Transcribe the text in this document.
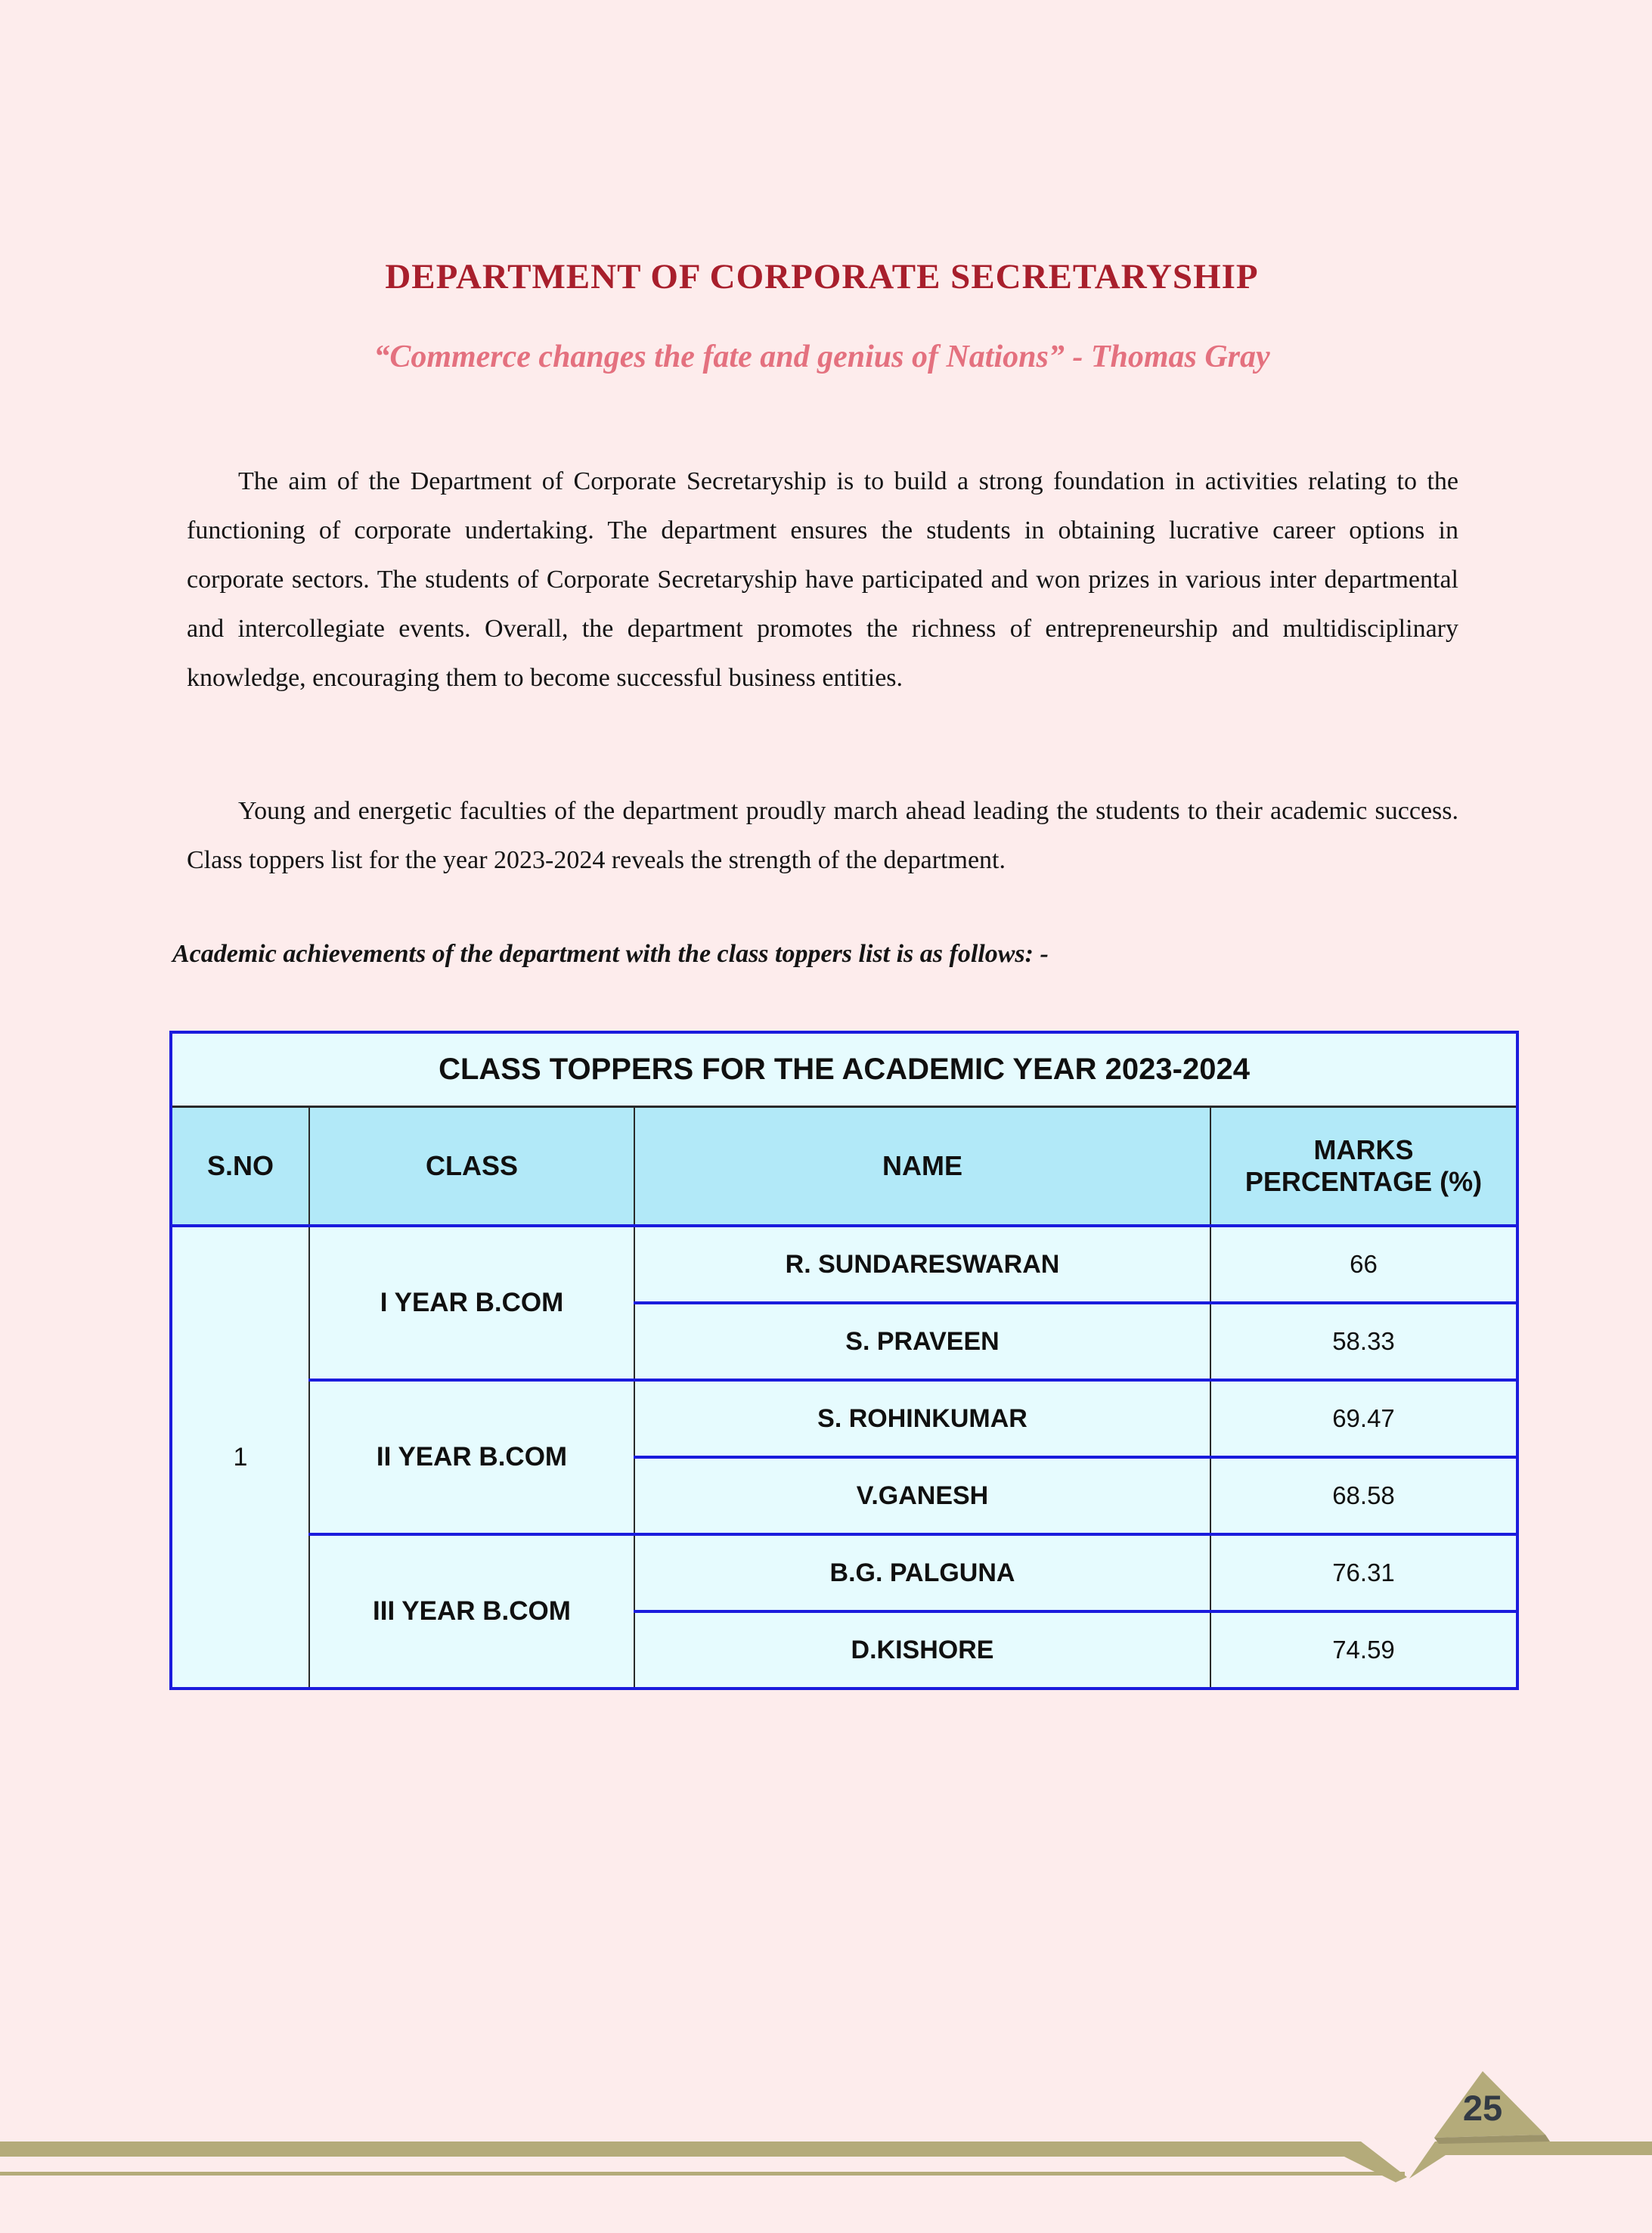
DEPARTMENT OF CORPORATE SECRETARYSHIP
“Commerce changes the fate and genius of Nations” - Thomas Gray

The aim of the Department of Corporate Secretaryship is to build a strong foundation in activities relating to the functioning of corporate undertaking. The department ensures the students in obtaining lucrative career options in corporate sectors. The students of Corporate Secretaryship have participated and won prizes in various inter departmental and intercollegiate events. Overall, the department promotes the richness of entrepreneurship and multidisciplinary knowledge, encouraging them to become successful business entities.

Young and energetic faculties of the department proudly march ahead leading the students to their academic success. Class toppers list for the year 2023-2024 reveals the strength of the department.

Academic achievements of the department with the class toppers list is as follows: -
CLASS TOPPERS FOR THE ACADEMIC YEAR 2023-2024			
S.NO	CLASS	NAME	MARKS PERCENTAGE (%)
1	I YEAR B.COM	R. SUNDARESWARAN	66
		S. PRAVEEN	58.33
	II YEAR B.COM	S. ROHINKUMAR	69.47
		V.GANESH	68.58
	III YEAR B.COM	B.G. PALGUNA	76.31
		D.KISHORE	74.59
25
